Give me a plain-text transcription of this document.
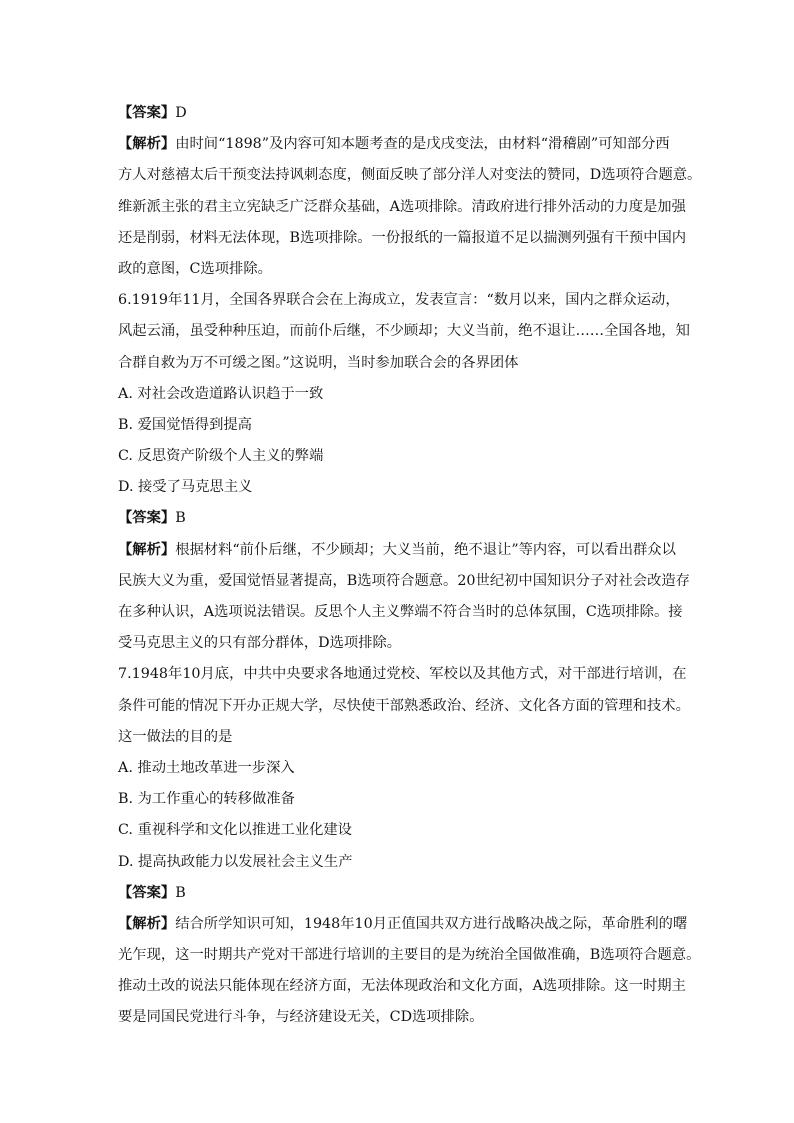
【答案】D

【解析】由时间“1898”及内容可知本题考查的是戊戌变法，由材料“滑稽剧”可知部分西

方人对慈禧太后干预变法持讽刺态度，侧面反映了部分洋人对变法的赞同，D选项符合题意。

维新派主张的君主立宪缺乏广泛群众基础，A选项排除。清政府进行排外活动的力度是加强

还是削弱，材料无法体现，B选项排除。一份报纸的一篇报道不足以揣测列强有干预中国内

政的意图，C选项排除。

6.1919年11月，全国各界联合会在上海成立，发表宣言：“数月以来，国内之群众运动，

风起云涌，虽受种种压迫，而前仆后继，不少顾却；大义当前，绝不退让……全国各地，知

合群自救为万不可缓之图。”这说明，当时参加联合会的各界团体

A. 对社会改造道路认识趋于一致

B. 爱国觉悟得到提高

C. 反思资产阶级个人主义的弊端

D. 接受了马克思主义

【答案】B

【解析】根据材料“前仆后继，不少顾却；大义当前，绝不退让”等内容，可以看出群众以

民族大义为重，爱国觉悟显著提高，B选项符合题意。20世纪初中国知识分子对社会改造存

在多种认识，A选项说法错误。反思个人主义弊端不符合当时的总体氛围，C选项排除。接

受马克思主义的只有部分群体，D选项排除。

7.1948年10月底，中共中央要求各地通过党校、军校以及其他方式，对干部进行培训，在

条件可能的情况下开办正规大学，尽快使干部熟悉政治、经济、文化各方面的管理和技术。

这一做法的目的是

A. 推动土地改革进一步深入

B. 为工作重心的转移做准备

C. 重视科学和文化以推进工业化建设

D. 提高执政能力以发展社会主义生产

【答案】B

【解析】结合所学知识可知，1948年10月正值国共双方进行战略决战之际，革命胜利的曙

光乍现，这一时期共产党对干部进行培训的主要目的是为统治全国做准确，B选项符合题意。

推动土改的说法只能体现在经济方面，无法体现政治和文化方面，A选项排除。这一时期主

要是同国民党进行斗争，与经济建设无关，CD选项排除。
